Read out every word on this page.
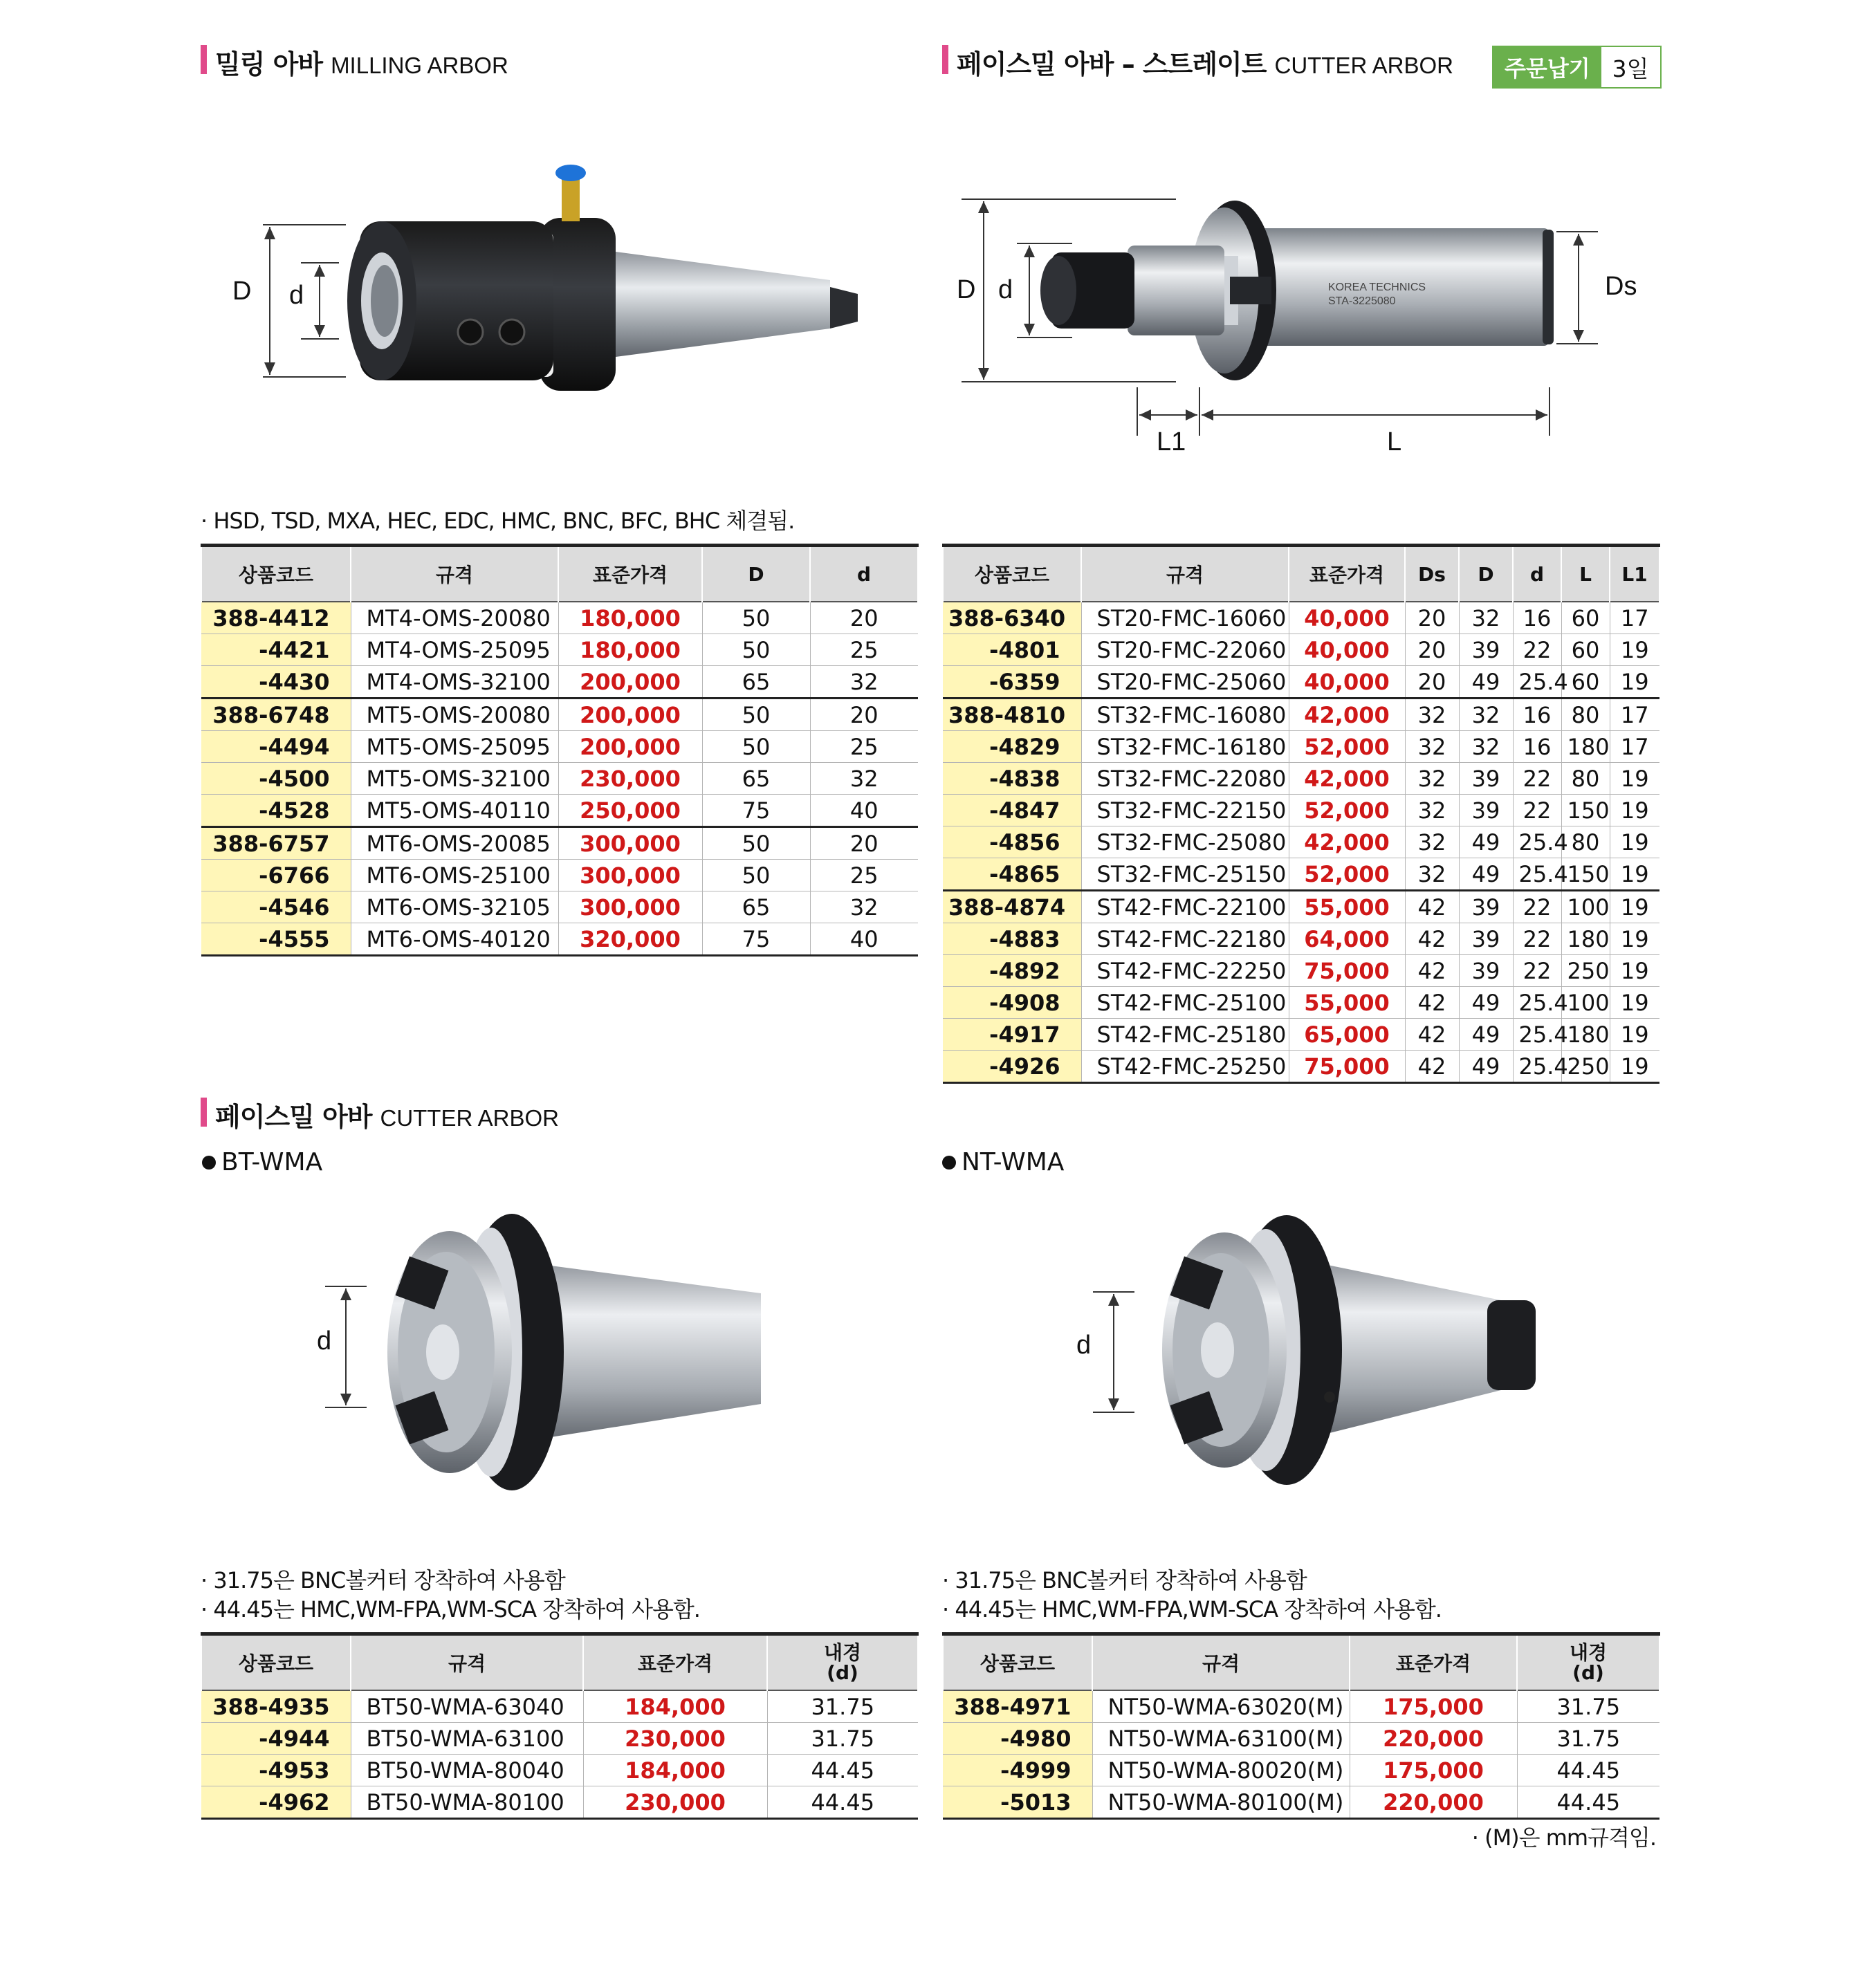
밀링 아바 MILLING ARBOR
D d
· HSD, TSD, MXA, HEC, EDC, HMC, BNC, BFC, BHC 체결됨.
상품코드	규격	표준가격	D	d
388-4412	MT4-OMS-20080	180,000	50	20
-4421	MT4-OMS-25095	180,000	50	25
-4430	MT4-OMS-32100	200,000	65	32
388-6748	MT5-OMS-20080	200,000	50	20
-4494	MT5-OMS-25095	200,000	50	25
-4500	MT5-OMS-32100	230,000	65	32
-4528	MT5-OMS-40110	250,000	75	40
388-6757	MT6-OMS-20085	300,000	50	20
-6766	MT6-OMS-25100	300,000	50	25
-4546	MT6-OMS-32105	300,000	65	32
-4555	MT6-OMS-40120	320,000	75	40
페이스밀 아바 – 스트레이트 CUTTER ARBOR	주문납기 3일
KOREA TECHNICS
STA-3225080
D d	Ds
L1	L
상품코드	규격	표준가격	Ds	D	d	L	L1
388-6340	ST20-FMC-16060	40,000	20	32	16	60	17
-4801	ST20-FMC-22060	40,000	20	39	22	60	19
-6359	ST20-FMC-25060	40,000	20	49	25.4	60	19
388-4810	ST32-FMC-16080	42,000	32	32	16	80	17
-4829	ST32-FMC-16180	52,000	32	32	16	180	17
-4838	ST32-FMC-22080	42,000	32	39	22	80	19
-4847	ST32-FMC-22150	52,000	32	39	22	150	19
-4856	ST32-FMC-25080	42,000	32	49	25.4	80	19
-4865	ST32-FMC-25150	52,000	32	49	25.4	150	19
388-4874	ST42-FMC-22100	55,000	42	39	22	100	19
-4883	ST42-FMC-22180	64,000	42	39	22	180	19
-4892	ST42-FMC-22250	75,000	42	39	22	250	19
-4908	ST42-FMC-25100	55,000	42	49	25.4	100	19
-4917	ST42-FMC-25180	65,000	42	49	25.4	180	19
-4926	ST42-FMC-25250	75,000	42	49	25.4	250	19
페이스밀 아바 CUTTER ARBOR
BT-WMA	NT-WMA
d	d
· 31.75은 BNC볼커터 장착하여 사용함
· 44.45는 HMC,WM-FPA,WM-SCA 장착하여 사용함.
· 31.75은 BNC볼커터 장착하여 사용함
· 44.45는 HMC,WM-FPA,WM-SCA 장착하여 사용함.
상품코드	규격	표준가격	내경
(d)
388-4935	BT50-WMA-63040	184,000	31.75
-4944	BT50-WMA-63100	230,000	31.75
-4953	BT50-WMA-80040	184,000	44.45
-4962	BT50-WMA-80100	230,000	44.45
상품코드	규격	표준가격	내경
(d)
388-4971	NT50-WMA-63020(M)	175,000	31.75
-4980	NT50-WMA-63100(M)	220,000	31.75
-4999	NT50-WMA-80020(M)	175,000	44.45
-5013	NT50-WMA-80100(M)	220,000	44.45
· (M)은 mm규격임.
